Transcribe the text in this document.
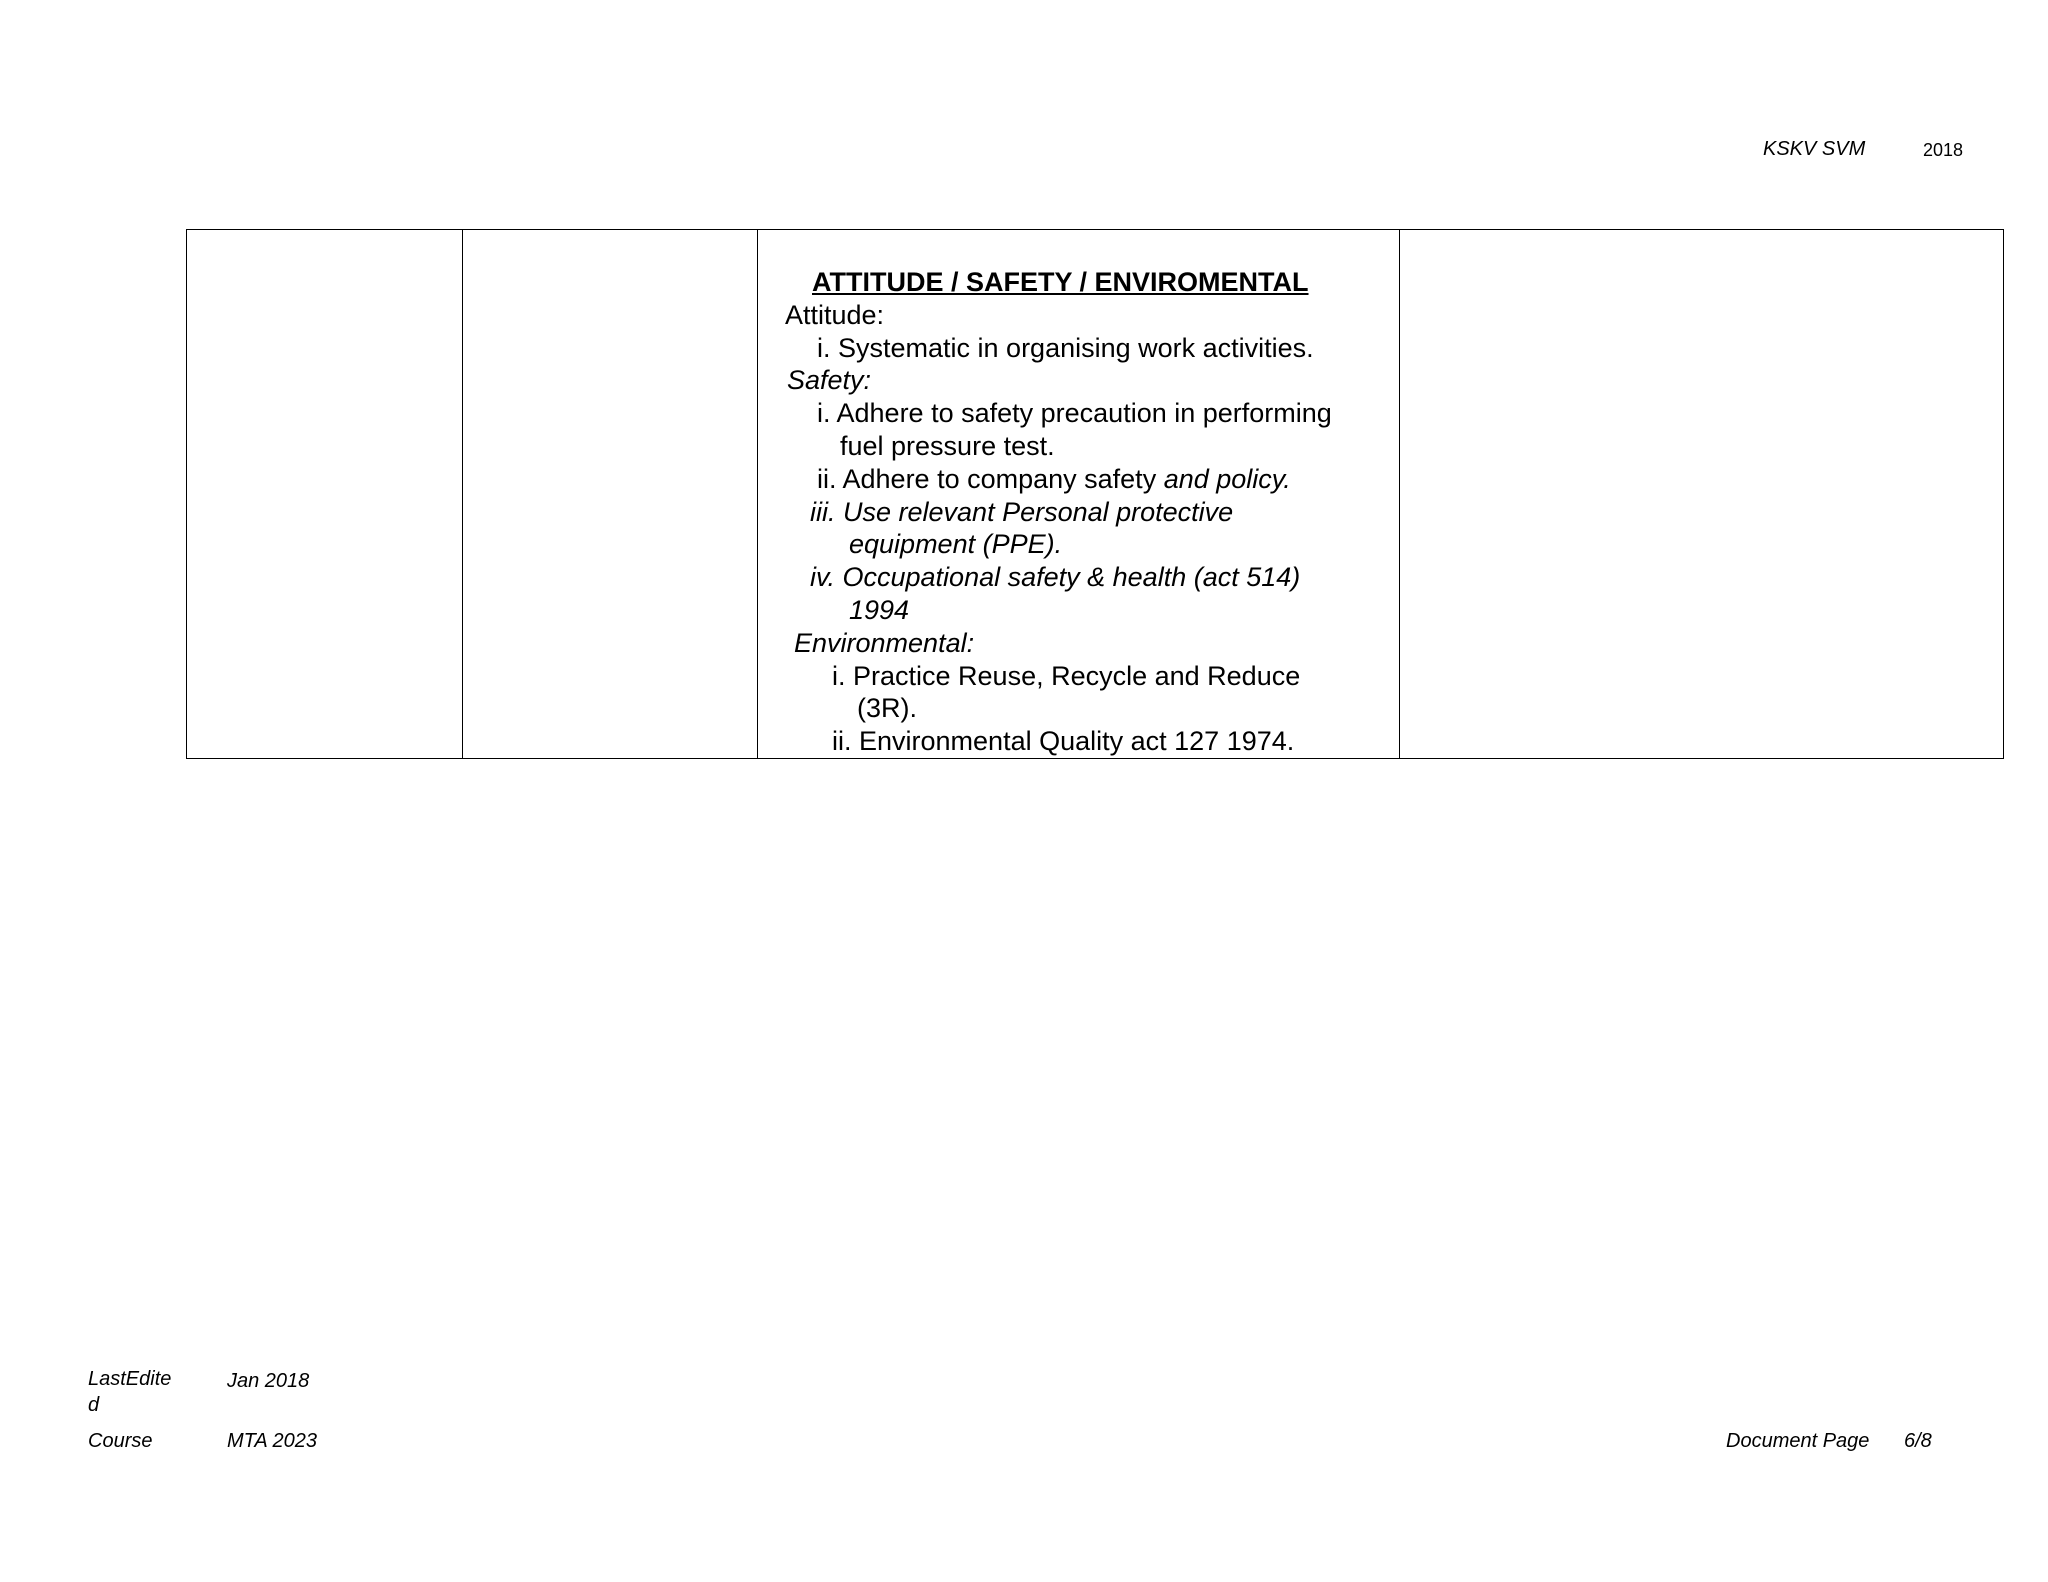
KSKV SVM	2018
ATTITUDE / SAFETY / ENVIROMENTAL
Attitude:
i. Systematic in organising work activities.
Safety:
i. Adhere to safety precaution in performing
fuel pressure test.
ii. Adhere to company safety and policy.
iii. Use relevant Personal protective
equipment (PPE).
iv. Occupational safety & health (act 514)
1994
Environmental:
i. Practice Reuse, Recycle and Reduce
(3R).
ii. Environmental Quality act 127 1974.
LastEdite
d
Jan 2018
Course	MTA 2023	Document Page 6/8
